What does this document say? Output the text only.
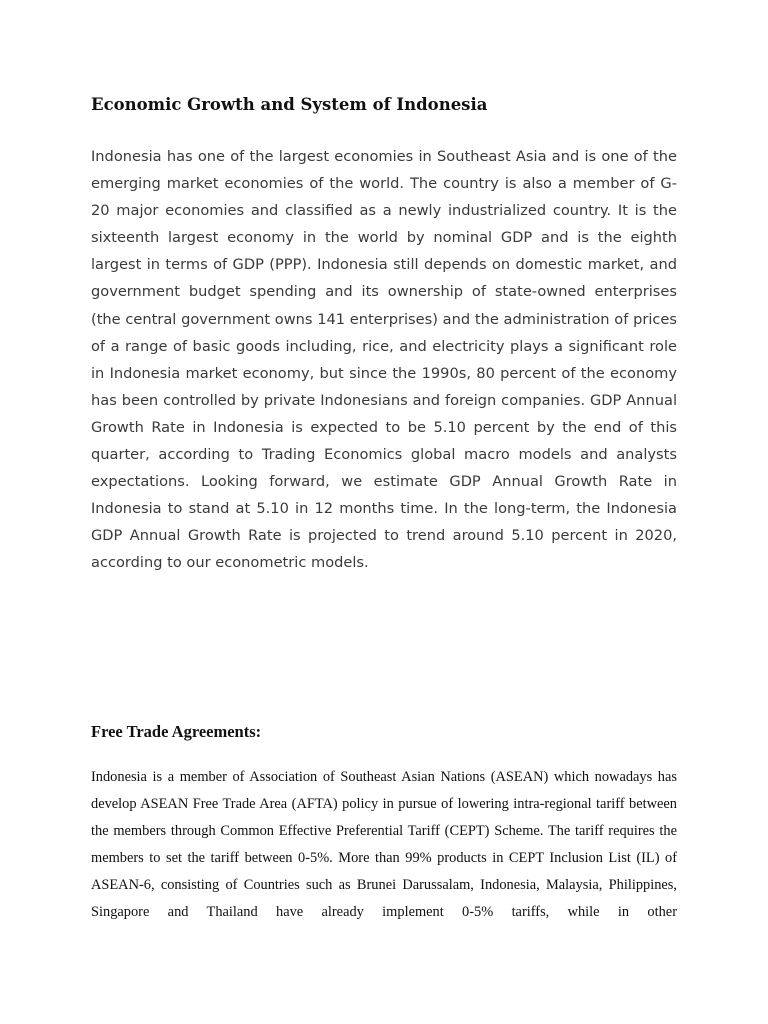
Economic Growth and System of Indonesia

Indonesia has one of the largest economies in Southeast Asia and is one of the emerging market economies of the world. The country is also a member of G-20 major economies and classified as a newly industrialized country. It is the sixteenth largest economy in the world by nominal GDP and is the eighth largest in terms of GDP (PPP). Indonesia still depends on domestic market, and government budget spending and its ownership of state-owned enterprises (the central government owns 141 enterprises) and the administration of prices of a range of basic goods including, rice, and electricity plays a significant role in Indonesia market economy, but since the 1990s, 80 percent of the economy has been controlled by private Indonesians and foreign companies. GDP Annual Growth Rate in Indonesia is expected to be 5.10 percent by the end of this quarter, according to Trading Economics global macro models and analysts expectations. Looking forward, we estimate GDP Annual Growth Rate in Indonesia to stand at 5.10 in 12 months time. In the long-term, the Indonesia GDP Annual Growth Rate is projected to trend around 5.10 percent in 2020, according to our econometric models.

Free Trade Agreements:

Indonesia is a member of Association of Southeast Asian Nations (ASEAN) which nowadays has develop ASEAN Free Trade Area (AFTA) policy in pursue of lowering intra-regional tariff between the members through Common Effective Preferential Tariff (CEPT) Scheme. The tariff requires the members to set the tariff between 0-5%. More than 99% products in CEPT Inclusion List (IL) of ASEAN-6, consisting of Countries such as Brunei Darussalam, Indonesia, Malaysia, Philippines, Singapore and Thailand have already implement 0-5% tariffs, while in other
